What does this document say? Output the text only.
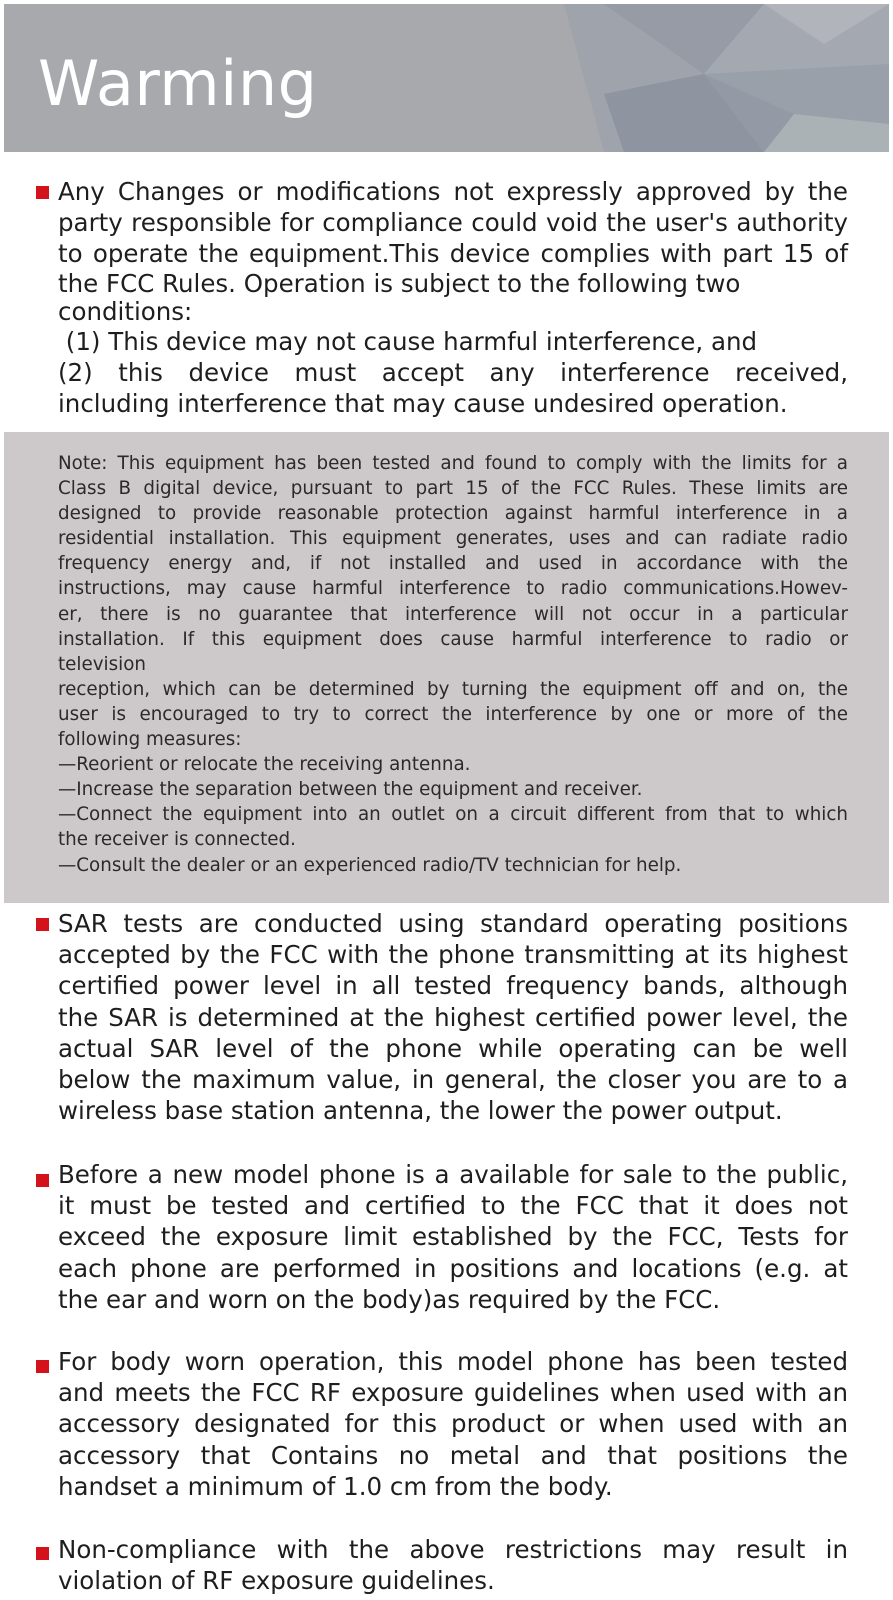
Warming
Any Changes or modifications not expressly approved by the
party responsible for compliance could void the user's authority
to operate the equipment.This device complies with part 15 of
the FCC Rules. Operation is subject to the following two
conditions:
(1) This device may not cause harmful interference, and
(2) this device must accept any interference received,
including interference that may cause undesired operation.
Note: This equipment has been tested and found to comply with the limits for a
Class B digital device, pursuant to part 15 of the FCC Rules. These limits are
designed to provide reasonable protection against harmful interference in a
residential installation. This equipment generates, uses and can radiate radio
frequency energy and, if not installed and used in accordance with the
instructions, may cause harmful interference to radio communications.Howev-
er, there is no guarantee that interference will not occur in a particular
installation. If this equipment does cause harmful interference to radio or
television
reception, which can be determined by turning the equipment off and on, the
user is encouraged to try to correct the interference by one or more of the
following measures:
—Reorient or relocate the receiving antenna.
—Increase the separation between the equipment and receiver.
—Connect the equipment into an outlet on a circuit different from that to which
the receiver is connected.
—Consult the dealer or an experienced radio/TV technician for help.
SAR tests are conducted using standard operating positions
accepted by the FCC with the phone transmitting at its highest
certified power level in all tested frequency bands, although
the SAR is determined at the highest certified power level, the
actual SAR level of the phone while operating can be well
below the maximum value, in general, the closer you are to a
wireless base station antenna, the lower the power output.
Before a new model phone is a available for sale to the public,
it must be tested and certified to the FCC that it does not
exceed the exposure limit established by the FCC, Tests for
each phone are performed in positions and locations (e.g. at
the ear and worn on the body)as required by the FCC.
For body worn operation, this model phone has been tested
and meets the FCC RF exposure guidelines when used with an
accessory designated for this product or when used with an
accessory that Contains no metal and that positions the
handset a minimum of 1.0 cm from the body.
Non-compliance with the above restrictions may result in
violation of RF exposure guidelines.
